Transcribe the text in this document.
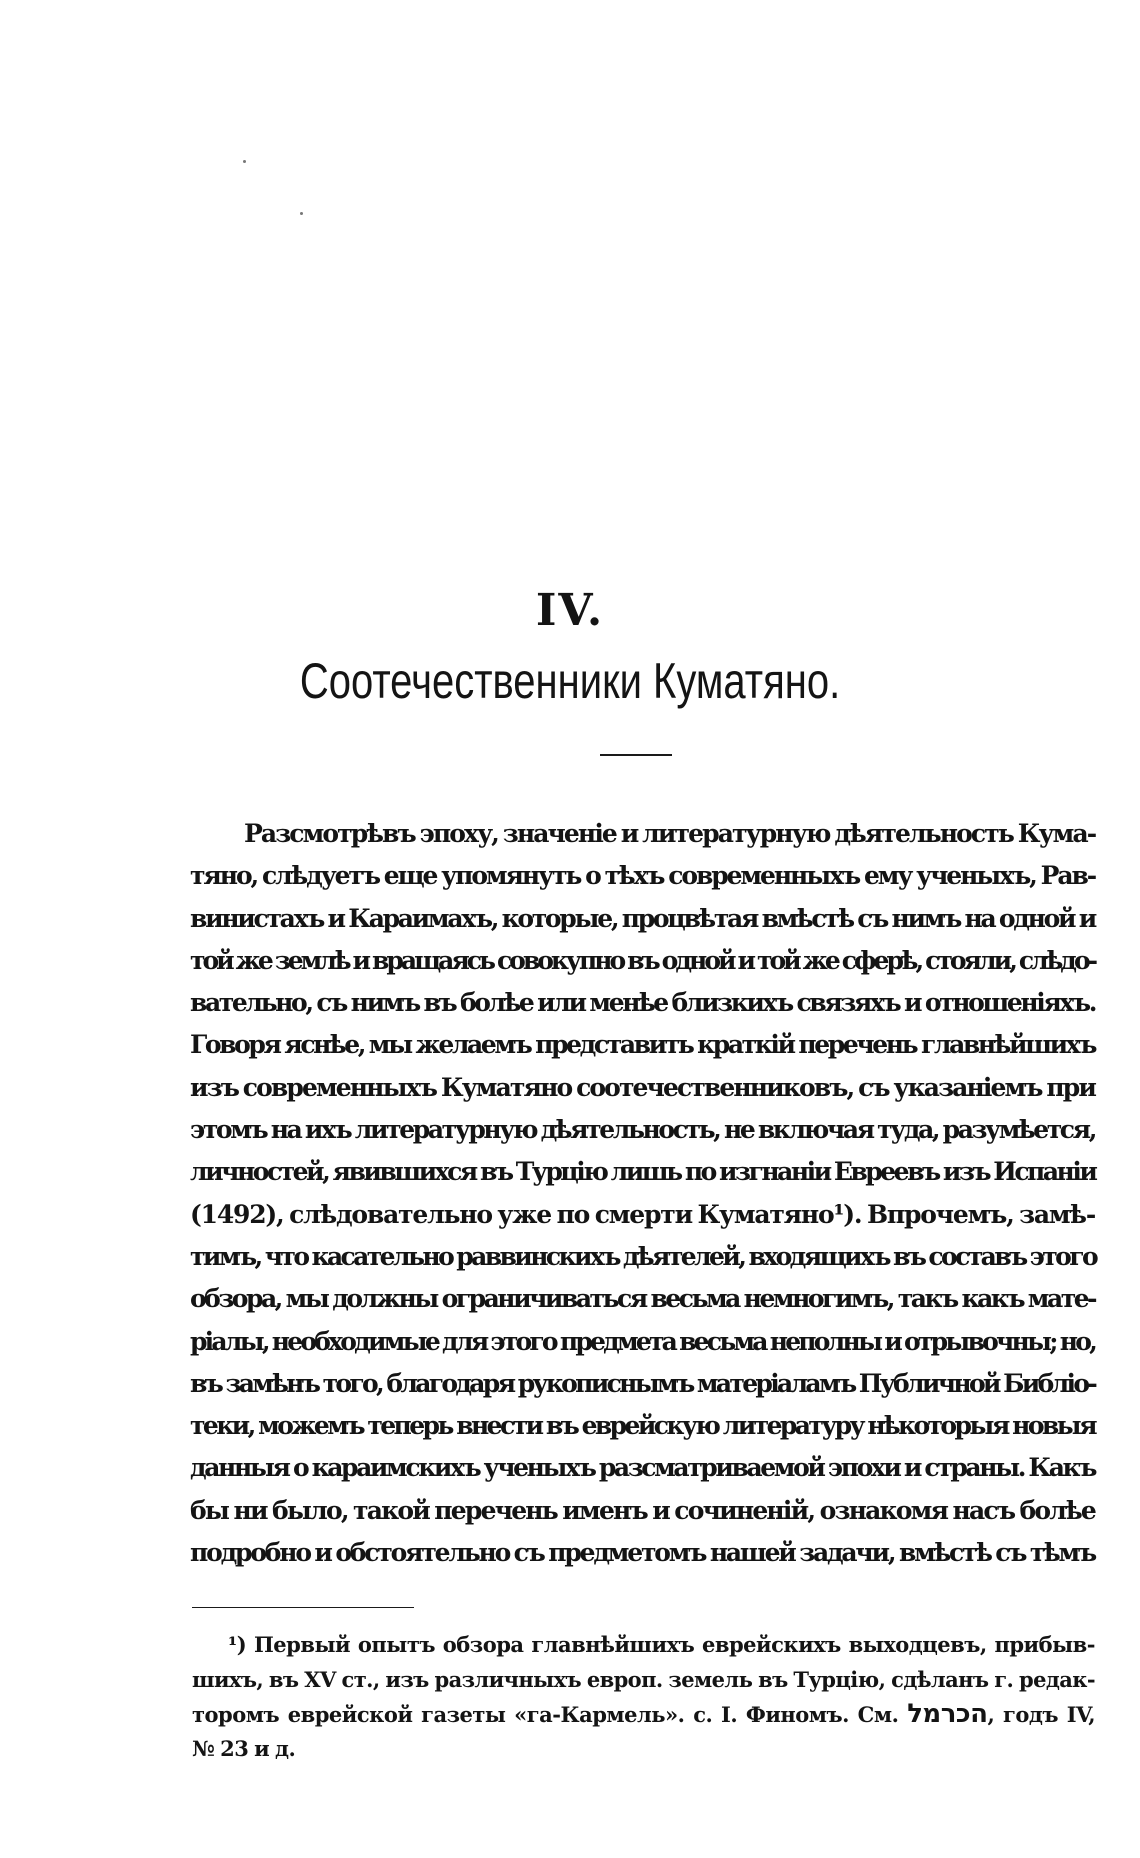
IV.
Соотечественники Куматяно.
Разсмотрѣвъ эпоху, значеніе и литературную дѣятельность Кума-
тяно, слѣдуетъ еще упомянуть о тѣхъ современныхъ ему ученыхъ, Рав-
винистахъ и Караимахъ, которые, процвѣтая вмѣстѣ съ нимъ на одной и
той же землѣ и вращаясь совокупно въ одной и той же сферѣ, стояли, слѣдо-
вательно, съ нимъ въ болѣе или менѣе близкихъ связяхъ и отношеніяхъ.
Говоря яснѣе, мы желаемъ представить краткій перечень главнѣйшихъ
изъ современныхъ Куматяно соотечественниковъ, съ указаніемъ при
этомъ на ихъ литературную дѣятельность, не включая туда, разумѣется,
личностей, явившихся въ Турцію лишь по изгнаніи Евреевъ изъ Испаніи
(1492), слѣдовательно уже по смерти Куматяно¹). Впрочемъ, замѣ-
тимъ, что касательно раввинскихъ дѣятелей, входящихъ въ составъ этого
обзора, мы должны ограничиваться весьма немногимъ, такъ какъ мате-
ріалы, необходимые для этого предмета весьма неполны и отрывочны; но,
въ замѣнъ того, благодаря рукописнымъ матеріаламъ Публичной Библіо-
теки, можемъ теперь внести въ еврейскую литературу нѣкоторыя новыя
данныя о караимскихъ ученыхъ разсматриваемой эпохи и страны. Какъ
бы ни было, такой перечень именъ и сочиненій, ознакомя насъ болѣе
подробно и обстоятельно съ предметомъ нашей задачи, вмѣстѣ съ тѣмъ
¹) Первый опытъ обзора главнѣйшихъ еврейскихъ выходцевъ, прибыв-
шихъ, въ XV ст., изъ различныхъ европ. земель въ Турцію, сдѣланъ г. редак-
торомъ еврейской газеты «га-Кармель». с. I. Финомъ. См. הכרמל, годъ IV,
№ 23 и д.
